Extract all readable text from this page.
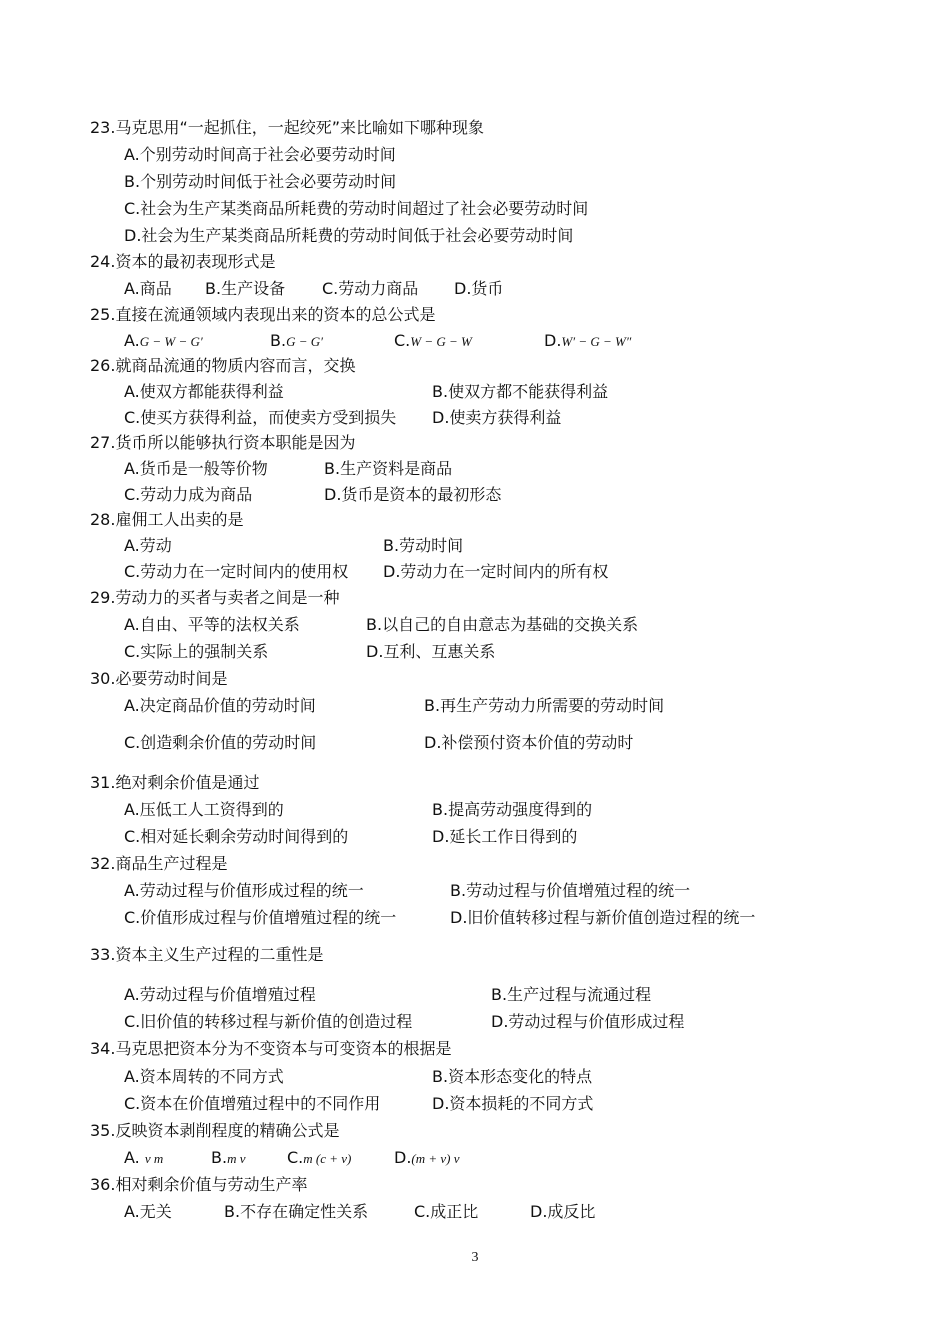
23.马克思用“一起抓住，一起绞死”来比喻如下哪种现象
A.个别劳动时间高于社会必要劳动时间
B.个别劳动时间低于社会必要劳动时间
C.社会为生产某类商品所耗费的劳动时间超过了社会必要劳动时间
D.社会为生产某类商品所耗费的劳动时间低于社会必要劳动时间
24.资本的最初表现形式是
A.商品 B.生产设备 C.劳动力商品 D.货币
25.直接在流通领域内表现出来的资本的总公式是
A.G − W − G′	B.G − G′	C.W − G − W	D.W′ − G − W″
26.就商品流通的物质内容而言，交换
A.使双方都能获得利益	B.使双方都不能获得利益
C.使买方获得利益，而使卖方受到损失 D.使卖方获得利益
27.货币所以能够执行资本职能是因为
A.货币是一般等价物	B.生产资料是商品
C.劳动力成为商品	D.货币是资本的最初形态
28.雇佣工人出卖的是
A.劳动	B.劳动时间
C.劳动力在一定时间内的使用权 D.劳动力在一定时间内的所有权
29.劳动力的买者与卖者之间是一种
A.自由、平等的法权关系	B.以自己的自由意志为基础的交换关系
C.实际上的强制关系	D.互利、互惠关系
30.必要劳动时间是
A.决定商品价值的劳动时间	B.再生产劳动力所需要的劳动时间
C.创造剩余价值的劳动时间	D.补偿预付资本价值的劳动时
31.绝对剩余价值是通过
A.压低工人工资得到的	B.提高劳动强度得到的
C.相对延长剩余劳动时间得到的	D.延长工作日得到的
32.商品生产过程是
A.劳动过程与价值形成过程的统一	B.劳动过程与价值增殖过程的统一
C.价值形成过程与价值增殖过程的统一	D.旧价值转移过程与新价值创造过程的统一
33.资本主义生产过程的二重性是
A.劳动过程与价值增殖过程	B.生产过程与流通过程
C.旧价值的转移过程与新价值的创造过程	D.劳动过程与价值形成过程
34.马克思把资本分为不变资本与可变资本的根据是
A.资本周转的不同方式	B.资本形态变化的特点
C.资本在价值增殖过程中的不同作用	D.资本损耗的不同方式
35.反映资本剥削程度的精确公式是
A. v m	B.m v	C.m (c + v)	D.(m + v) v
36.相对剩余价值与劳动生产率
A.无关	B.不存在确定性关系	C.成正比	D.成反比
3
